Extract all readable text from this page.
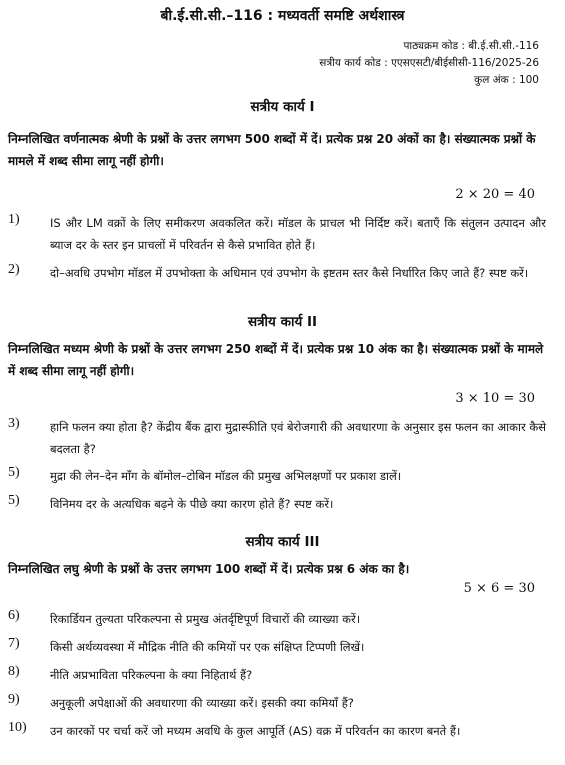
बी.ई.सी.सी.–116 : मध्यवर्ती समष्टि अर्थशास्त्र
पाठ्यक्रम कोड : बी.ई.सी.सी.-116
सत्रीय कार्य कोड : एएसएसटी/बीईसीसी-116/2025-26
कुल अंक : 100
सत्रीय कार्य I
निम्नलिखित वर्णनात्मक श्रेणी के प्रश्नों के उत्तर लगभग 500 शब्दों में दें। प्रत्येक प्रश्न 20 अंकों का है। संख्यात्मक प्रश्नों के मामले में शब्द सीमा लागू नहीं होगी।
2 × 20 = 40
1)	IS और LM वक्रों के लिए समीकरण अवकलित करें। मॉडल के प्राचल भी निर्दिष्ट करें। बताएँ कि संतुलन उत्पादन और ब्याज दर के स्तर इन प्राचलों में परिवर्तन से कैसे प्रभावित होते हैं।
2)	दो–अवधि उपभोग मॉडल में उपभोक्ता के अधिमान एवं उपभोग के इष्टतम स्तर कैसे निर्धारित किए जाते हैं? स्पष्ट करें।
सत्रीय कार्य II
निम्नलिखित मध्यम श्रेणी के प्रश्नों के उत्तर लगभग 250 शब्दों में दें। प्रत्येक प्रश्न 10 अंक का है। संख्यात्मक प्रश्नों के मामले में शब्द सीमा लागू नहीं होगी।
3 × 10 = 30
3)	हानि फलन क्या होता है? केंद्रीय बैंक द्वारा मुद्रास्फीति एवं बेरोजगारी की अवधारणा के अनुसार इस फलन का आकार कैसे बदलता है?
5)	मुद्रा की लेन–देन माँग के बॉमोल–टोबिन मॉडल की प्रमुख अभिलक्षणों पर प्रकाश डालें।
5)	विनिमय दर के अत्यधिक बढ़ने के पीछे क्या कारण होते हैं? स्पष्ट करें।
सत्रीय कार्य III
निम्नलिखित लघु श्रेणी के प्रश्नों के उत्तर लगभग 100 शब्दों में दें। प्रत्येक प्रश्न 6 अंक का है।
5 × 6 = 30
6)	रिकार्डियन तुल्यता परिकल्पना से प्रमुख अंतर्दृष्टिपूर्ण विचारों की व्याख्या करें।
7)	किसी अर्थव्यवस्था में मौद्रिक नीति की कमियों पर एक संक्षिप्त टिप्पणी लिखें।
8)	नीति अप्रभाविता परिकल्पना के क्या निहितार्थ हैं?
9)	अनुकूली अपेक्षाओं की अवधारणा की व्याख्या करें। इसकी क्या कमियाँ हैं?
10) उन कारकों पर चर्चा करें जो मध्यम अवधि के कुल आपूर्ति (AS) वक्र में परिवर्तन का कारण बनते हैं।
